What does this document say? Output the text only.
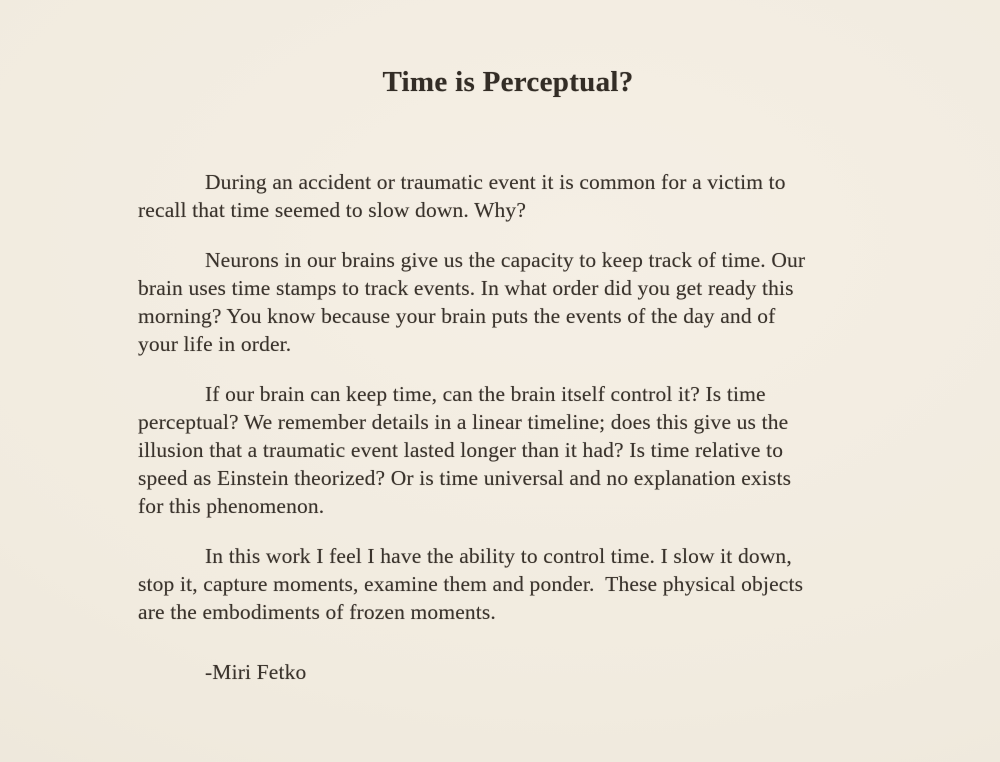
Time is Perceptual?

During an accident or traumatic event it is common for a victim to
recall that time seemed to slow down. Why?

Neurons in our brains give us the capacity to keep track of time. Our
brain uses time stamps to track events. In what order did you get ready this
morning? You know because your brain puts the events of the day and of
your life in order.

If our brain can keep time, can the brain itself control it? Is time
perceptual? We remember details in a linear timeline; does this give us the
illusion that a traumatic event lasted longer than it had? Is time relative to
speed as Einstein theorized? Or is time universal and no explanation exists
for this phenomenon.

In this work I feel I have the ability to control time. I slow it down,
stop it, capture moments, examine them and ponder.  These physical objects
are the embodiments of frozen moments.

-Miri Fetko
